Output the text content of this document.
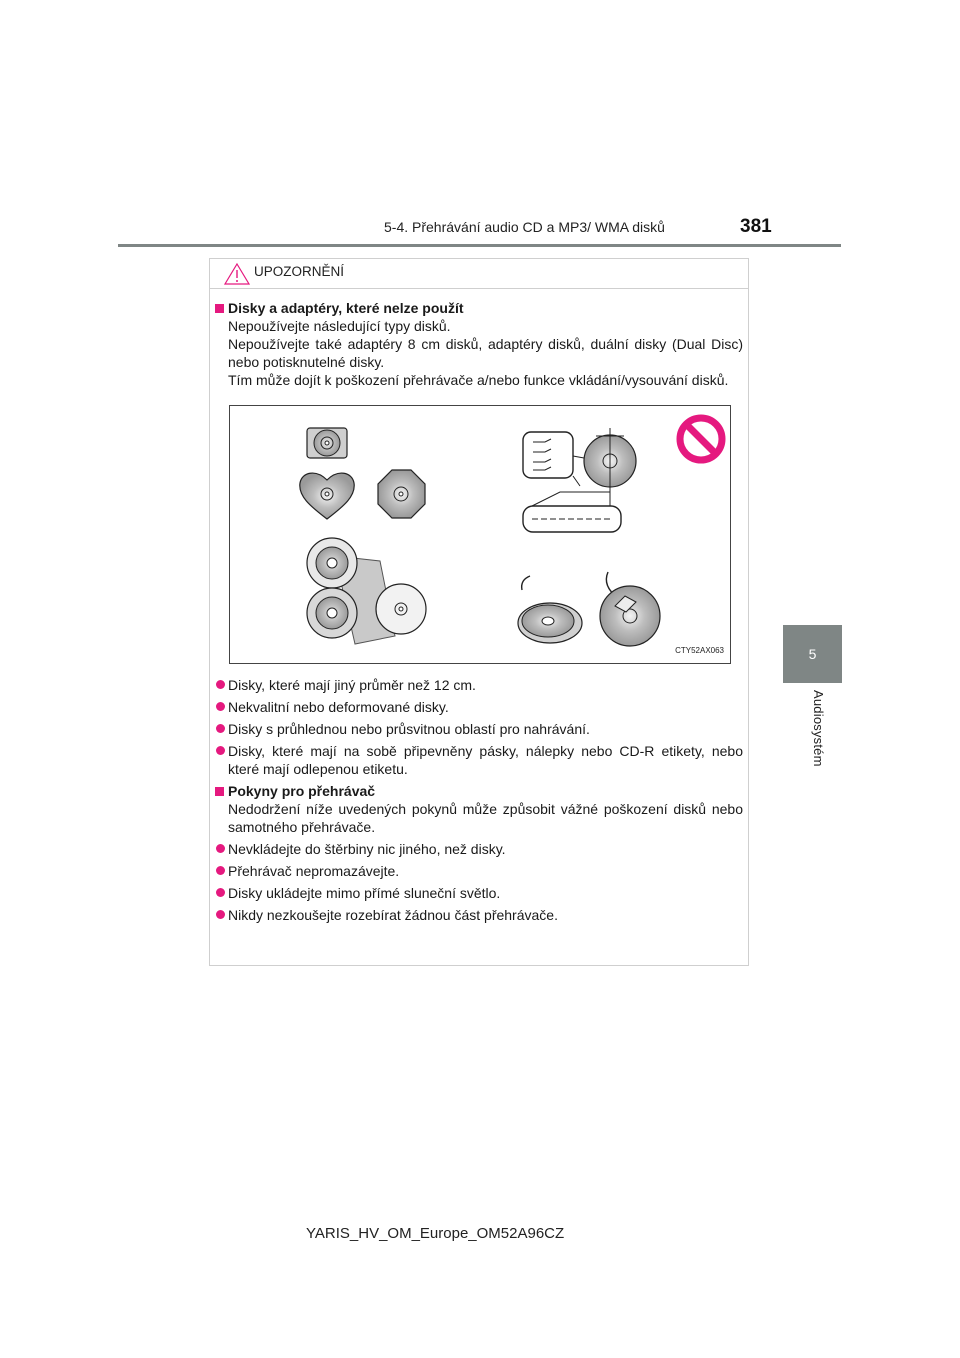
5-4. Přehrávání audio CD a MP3/ WMA disků	381
5
Audiosystém
UPOZORNĚNÍ
Disky a adaptéry, které nelze použít
Nepoužívejte následující typy disků.
Nepoužívejte také adaptéry 8 cm disků, adaptéry disků, duální disky (Dual Disc) nebo potisknutelné disky.
Tím může dojít k poškození přehrávače a/nebo funkce vkládání/vysouvání disků.
CTY52AX063
Disky, které mají jiný průměr než 12 cm.
Nekvalitní nebo deformované disky.
Disky s průhlednou nebo průsvitnou oblastí pro nahrávání.
Disky, které mají na sobě připevněny pásky, nálepky nebo CD-R etikety, nebo které mají odlepenou etiketu.
Pokyny pro přehrávač
Nedodržení níže uvedených pokynů může způsobit vážné poškození disků nebo samotného přehrávače.
Nevkládejte do štěrbiny nic jiného, než disky.
Přehrávač nepromazávejte.
Disky ukládejte mimo přímé sluneční světlo.
Nikdy nezkoušejte rozebírat žádnou část přehrávače.
YARIS_HV_OM_Europe_OM52A96CZ
